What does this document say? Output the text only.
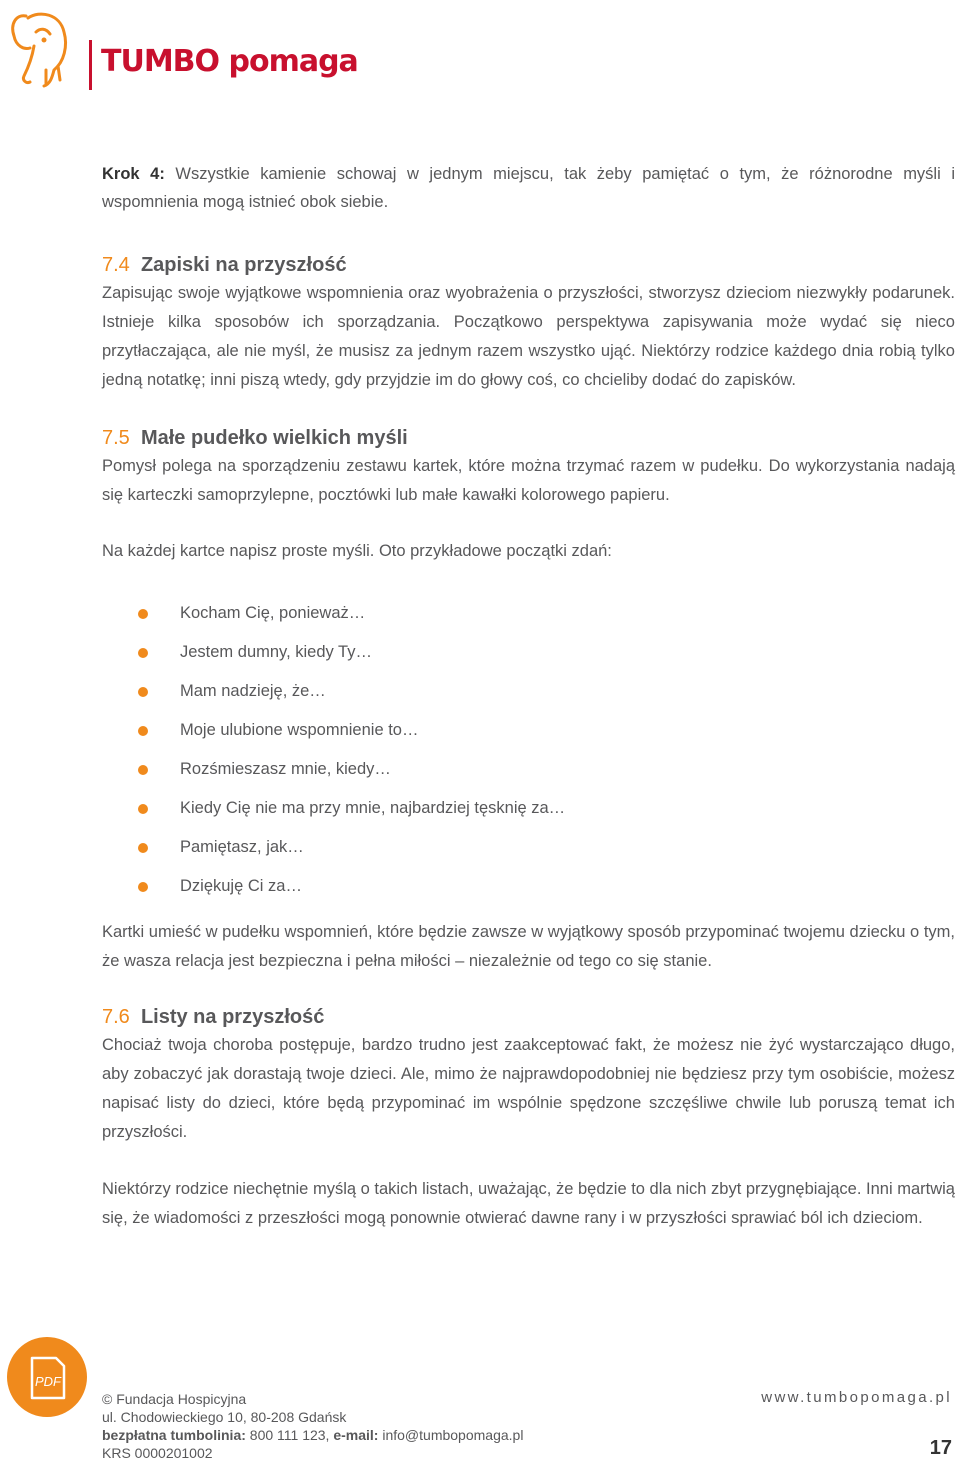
TUMBO pomaga

Krok 4: Wszystkie kamienie schowaj w jednym miejscu, tak żeby pamiętać o tym, że różnorodne myśli i wspomnienia mogą istnieć obok siebie.

7.4 Zapiski na przyszłość

Zapisując swoje wyjątkowe wspomnienia oraz wyobrażenia o przyszłości, stworzysz dzieciom niezwykły podarunek. Istnieje kilka sposobów ich sporządzania. Początkowo perspektywa zapisywania może wydać się nieco przytłaczająca, ale nie myśl, że musisz za jednym razem wszystko ująć. Niektórzy rodzice każdego dnia robią tylko jedną notatkę; inni piszą wtedy, gdy przyjdzie im do głowy coś, co chcieliby dodać do zapisków.

7.5 Małe pudełko wielkich myśli

Pomysł polega na sporządzeniu zestawu kartek, które można trzymać razem w pudełku. Do wykorzystania nadają się karteczki samoprzylepne, pocztówki lub małe kawałki kolorowego papieru.

Na każdej kartce napisz proste myśli. Oto przykładowe początki zdań:

Kocham Cię, ponieważ…
Jestem dumny, kiedy Ty…
Mam nadzieję, że…
Moje ulubione wspomnienie to…
Rozśmieszasz mnie, kiedy…
Kiedy Cię nie ma przy mnie, najbardziej tęsknię za…
Pamiętasz, jak…
Dziękuję Ci za…

Kartki umieść w pudełku wspomnień, które będzie zawsze w wyjątkowy sposób przypominać twojemu dziecku o tym, że wasza relacja jest bezpieczna i pełna miłości – niezależnie od tego co się stanie.

7.6 Listy na przyszłość

Chociaż twoja choroba postępuje, bardzo trudno jest zaakceptować fakt, że możesz nie żyć wystarczająco długo, aby zobaczyć jak dorastają twoje dzieci. Ale, mimo że najprawdopodobniej nie będziesz przy tym osobiście, możesz napisać listy do dzieci, które będą przypominać im wspólnie spędzone szczęśliwe chwile lub poruszą temat ich przyszłości.

Niektórzy rodzice niechętnie myślą o takich listach, uważając, że będzie to dla nich zbyt przygnębiające. Inni martwią się, że wiadomości z przeszłości mogą ponownie otwierać dawne rany i w przyszłości sprawiać ból ich dzieciom.

PDF
© Fundacja Hospicyjna
ul. Chodowieckiego 10, 80-208 Gdańsk
bezpłatna tumbolinia: 800 111 123, e-mail: info@tumbopomaga.pl
KRS 0000201002
www.tumbopomaga.pl
17
